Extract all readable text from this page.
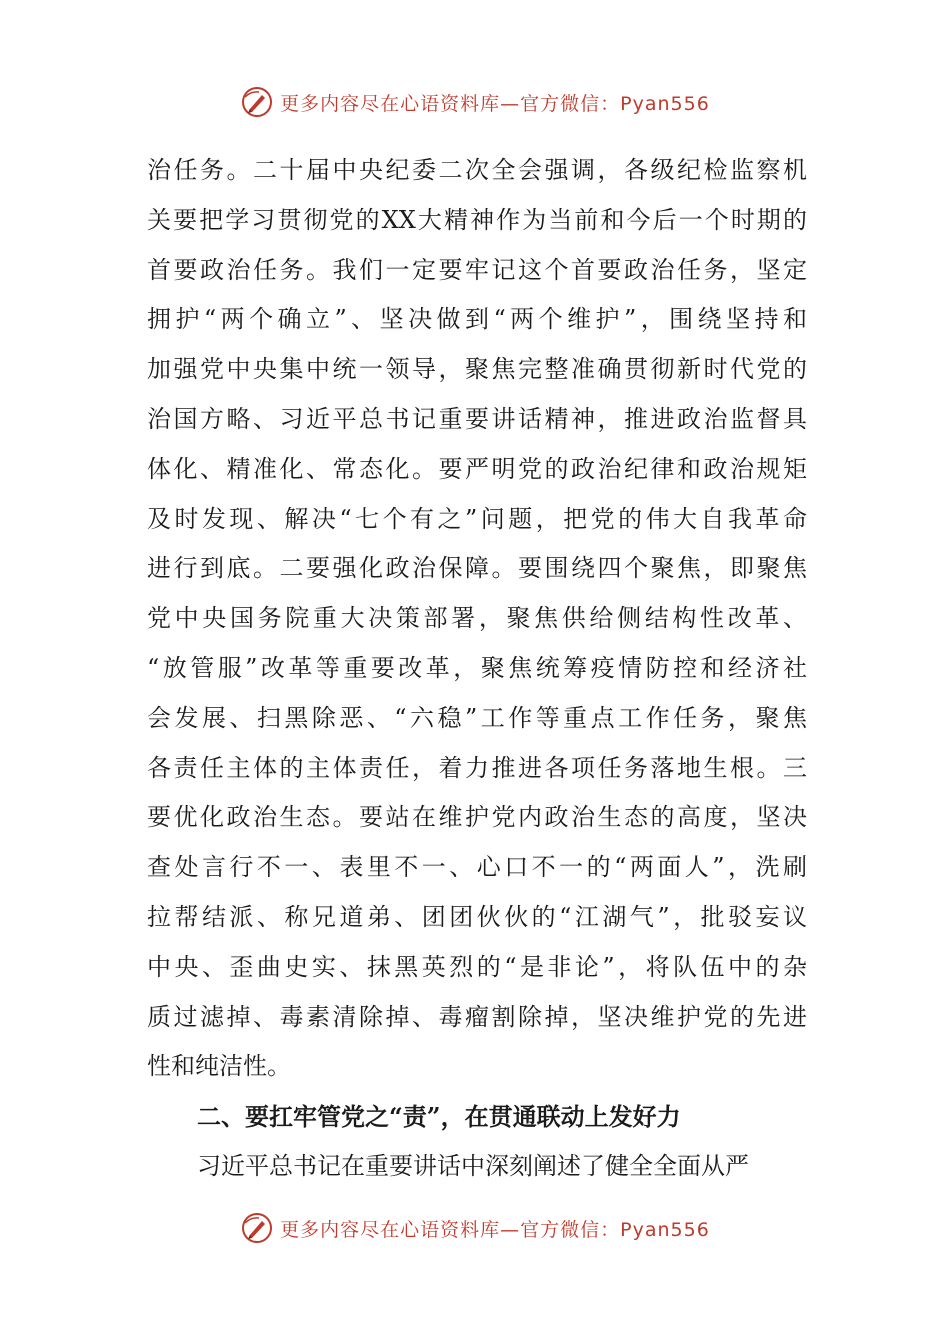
更多内容尽在心语资料库—官方微信：Pyan556
治任务。二十届中央纪委二次全会强调，各级纪检监察机
关要把学习贯彻党的XX大精神作为当前和今后一个时期的
首要政治任务。我们一定要牢记这个首要政治任务，坚定
拥护“两个确立”、坚决做到“两个维护”，围绕坚持和
加强党中央集中统一领导，聚焦完整准确贯彻新时代党的
治国方略、习近平总书记重要讲话精神，推进政治监督具
体化、精准化、常态化。要严明党的政治纪律和政治规矩
及时发现、解决“七个有之”问题，把党的伟大自我革命
进行到底。二要强化政治保障。要围绕四个聚焦，即聚焦
党中央国务院重大决策部署，聚焦供给侧结构性改革、
“放管服”改革等重要改革，聚焦统筹疫情防控和经济社
会发展、扫黑除恶、“六稳”工作等重点工作任务，聚焦
各责任主体的主体责任，着力推进各项任务落地生根。三
要优化政治生态。要站在维护党内政治生态的高度，坚决
查处言行不一、表里不一、心口不一的“两面人”，洗刷
拉帮结派、称兄道弟、团团伙伙的“江湖气”，批驳妄议
中央、歪曲史实、抹黑英烈的“是非论”，将队伍中的杂
质过滤掉、毒素清除掉、毒瘤割除掉，坚决维护党的先进
性和纯洁性。
二、要扛牢管党之“责”，在贯通联动上发好力
习近平总书记在重要讲话中深刻阐述了健全全面从严
更多内容尽在心语资料库—官方微信：Pyan556
